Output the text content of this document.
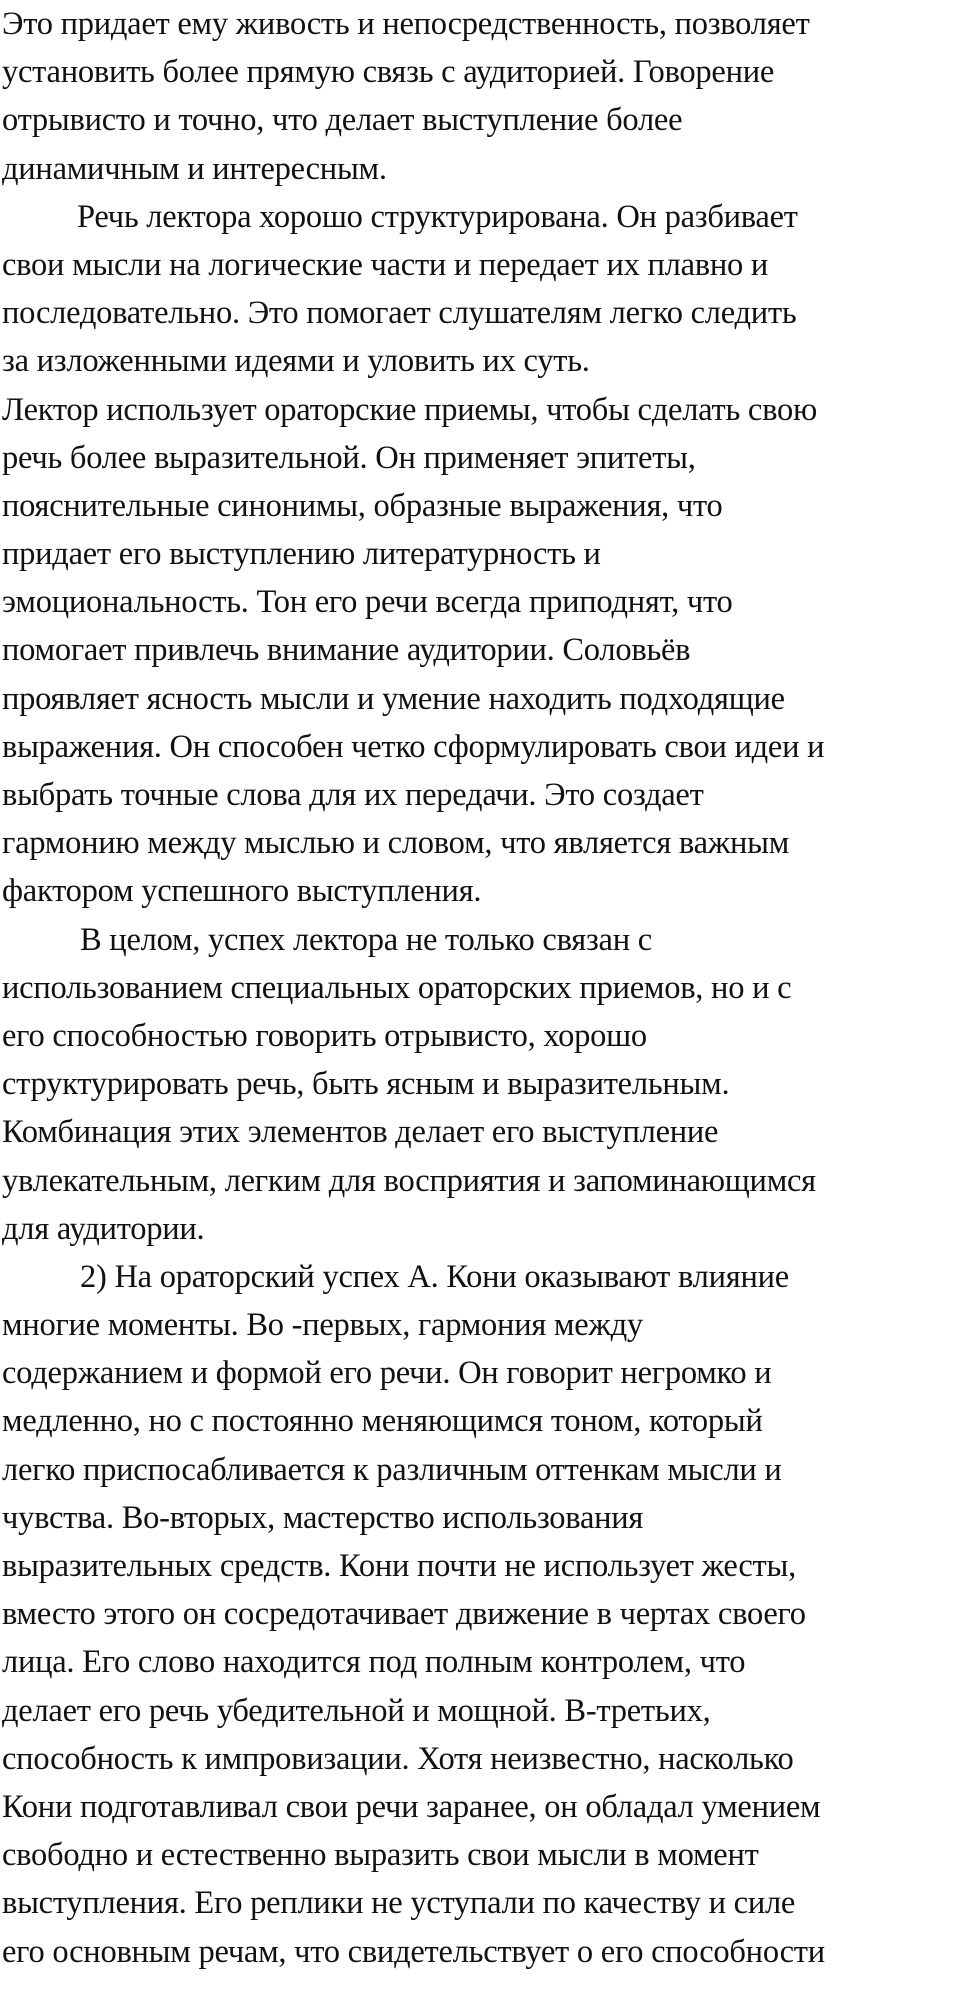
Это придает ему живость и непосредственность, позволяет
установить более прямую связь с аудиторией. Говорение
отрывисто и точно, что делает выступление более
динамичным и интересным.
Речь лектора хорошо структурирована. Он разбивает
свои мысли на логические части и передает их плавно и
последовательно. Это помогает слушателям легко следить
за изложенными идеями и уловить их суть.
Лектор использует ораторские приемы, чтобы сделать свою
речь более выразительной. Он применяет эпитеты,
пояснительные синонимы, образные выражения, что
придает его выступлению литературность и
эмоциональность. Тон его речи всегда приподнят, что
помогает привлечь внимание аудитории. Соловьёв
проявляет ясность мысли и умение находить подходящие
выражения. Он способен четко сформулировать свои идеи и
выбрать точные слова для их передачи. Это создает
гармонию между мыслью и словом, что является важным
фактором успешного выступления.
В целом, успех лектора не только связан с
использованием специальных ораторских приемов, но и с
его способностью говорить отрывисто, хорошо
структурировать речь, быть ясным и выразительным.
Комбинация этих элементов делает его выступление
увлекательным, легким для восприятия и запоминающимся
для аудитории.
2) На ораторский успех А. Кони оказывают влияние
многие моменты. Во -первых, гармония между
содержанием и формой его речи. Он говорит негромко и
медленно, но с постоянно меняющимся тоном, который
легко приспосабливается к различным оттенкам мысли и
чувства. Во-вторых, мастерство использования
выразительных средств. Кони почти не использует жесты,
вместо этого он сосредотачивает движение в чертах своего
лица. Его слово находится под полным контролем, что
делает его речь убедительной и мощной. В-третьих,
способность к импровизации. Хотя неизвестно, насколько
Кони подготавливал свои речи заранее, он обладал умением
свободно и естественно выразить свои мысли в момент
выступления. Его реплики не уступали по качеству и силе
его основным речам, что свидетельствует о его способности
